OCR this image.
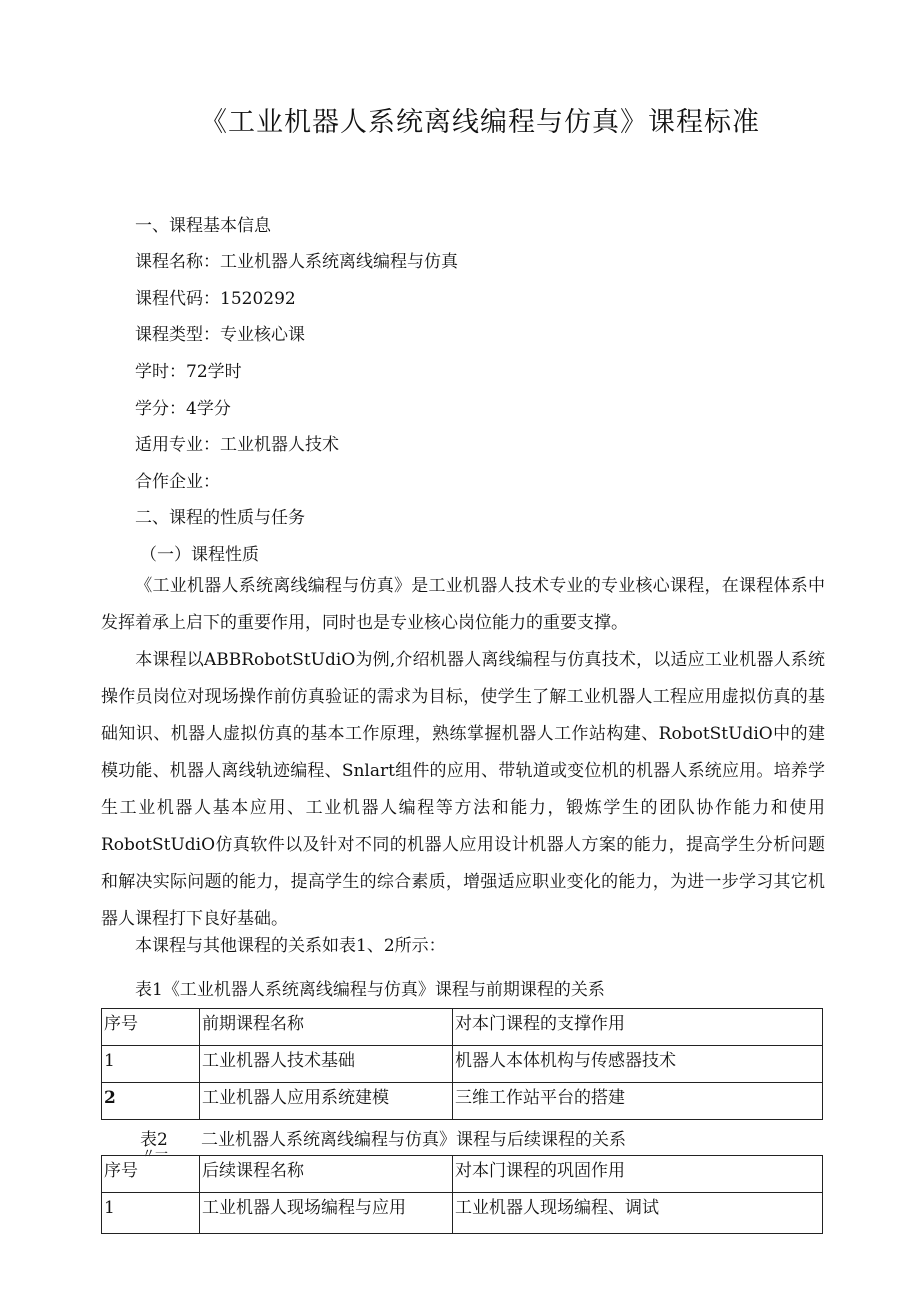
《工业机器人系统离线编程与仿真》课程标准
一、课程基本信息
课程名称：工业机器人系统离线编程与仿真
课程代码：1520292
课程类型：专业核心课
学时：72学时
学分：4学分
适用专业：工业机器人技术
合作企业：
二、课程的性质与任务
（一）课程性质
《工业机器人系统离线编程与仿真》是工业机器人技术专业的专业核心课程，在课程体系中发挥着承上启下的重要作用，同时也是专业核心岗位能力的重要支撑。
本课程以ABBRobotStUdiO为例,介绍机器人离线编程与仿真技术，以适应工业机器人系统操作员岗位对现场操作前仿真验证的需求为目标，使学生了解工业机器人工程应用虚拟仿真的基础知识、机器人虚拟仿真的基本工作原理，熟练掌握机器人工作站构建、RobotStUdiO中的建模功能、机器人离线轨迹编程、Snlart组件的应用、带轨道或变位机的机器人系统应用。培养学生工业机器人基本应用、工业机器人编程等方法和能力，锻炼学生的团队协作能力和使用RobotStUdiO仿真软件以及针对不同的机器人应用设计机器人方案的能力，提高学生分析问题和解决实际问题的能力，提高学生的综合素质，增强适应职业变化的能力，为进一步学习其它机器人课程打下良好基础。
本课程与其他课程的关系如表1、2所示：
表1《工业机器人系统离线编程与仿真》课程与前期课程的关系
序号	前期课程名称	对本门课程的支撑作用
1	工业机器人技术基础	机器人本体机构与传感器技术
2	工业机器人应用系统建模	三维工作站平台的搭建
表2 二业机器人系统离线编程与仿真》课程与后续课程的关系
〃一
序号	后续课程名称	对本门课程的巩固作用
1	工业机器人现场编程与应用	工业机器人现场编程、调试
